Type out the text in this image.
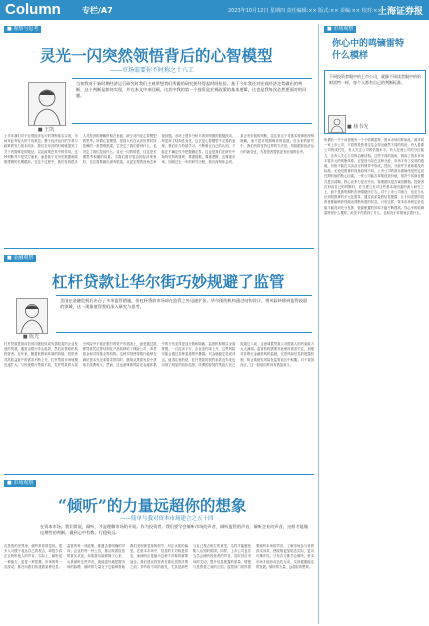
Column	专栏/A7	2023年10月12日 星期四 责任编辑:×× 版式:×× 美编:×× 校对:××
上海证券报
■ 观察与思考
灵光一闪突然领悟背后的心智模型
——市场需要你不时称之十八工
■ 王凯
当初我对于新时期经济运行研究时我们主观所想我们所做的研究要经得起时间检验。基于今年我还对宏观经济走势做出的判断，这个判断是如何实现，并在本文中来回顾。这其中我的第一个视角是宏观政策的基本逻辑，这也是我每次必然要面对的问题。
上半年我们对于宏观经济运行的判断基本实现，市场对此有较大的不同意见。整个经济运行的节奏与政策的发力基本同步，我们在年初的时候就提到了关于内需修复的路径，以及政策在其中的作用。这种判断并不是凭空而来，而是基于对历史数据和政策逻辑的长期跟踪。在这个过程中，我们发现很多人对经济的理解停留在表面，缺少对内在心智模型的思考。所谓心智模型，是指人们在认识世界时所依赖的一套思维框架，它决定了我们看到什么，也决定了我们忽视什么。灵光一闪的顿悟，往往是长期思考积累的结果。当我们面对复杂的经济现象时，往往需要跳出固有框架，从更宏观的视角去审视问题。市场上很多分析只看到短期的数据波动，却忽视了结构性变化，这正是心智模型不完善的表现。我们应当持续学习，不断修正自己的认知，才能在不确定性中把握确定性。这也是我们在研究中始终坚持的原则：尊重数据，尊重逻辑，也尊重市场。回顾过去一年的研究历程，我们深刻体会到，真正有价值的判断，往往来自于对基本规律的深刻理解，而不是对短期噪音的追逐。在未来的研究中，我们仍将坚持这样的方法论，持续跟踪经济运行的新变化，为投资者提供更有价值的参考。
■ 金融观察
杠杆贷款让华尔街巧妙规避了监管
■ 陈光
美国在金融危机后出台了多项监管措施，但杠杆贷款市场却在监管之外迅速扩张。华尔街的机构通过结构设计，将风险转移到监管较弱的领域，这一现象值得我们深入研究与思考。
杠杆贷款是指向信用评级较低或负债较高的企业发放的贷款，通常由银行牵头组织，然后出售给机构投资者。近年来，随着低利率环境的持续，投资者对高收益资产的需求不断上升，杠杆贷款市场规模迅速扩大。与传统银行贷款不同，杠杆贷款的大部分风险并不留在银行的资产负债表上，而是通过抵押贷款凭证等结构化产品转移给了保险公司、养老基金和共同基金等机构。这种安排使得银行能够在满足资本充足率要求的同时，继续从贷款发放中获取手续费收入。然而，这也意味着风险在金融体系中的分布变得更加分散和隐蔽，监管机构难以全面掌握。一旦经济下行，企业违约率上升，这些风险可能会通过各种渠道集中暴露，对金融稳定造成冲击。值得注意的是，杠杆贷款的契约条款近年来也出现了明显的放松趋势，所谓的轻契约贷款占比已经超过八成，这意味着贷款人对借款人的约束能力大大减弱。监管机构需要对此保持高度关注，加强对非银行金融机构的监测，完善风险信息的披露机制，防止系统性风险在监管盲区中积累。对于我国而言，这一经验同样具有借鉴意义。
■ 市场观察
“倾听”的力量远超你的想象
——简单与我对资本市场建言之五十四
在资本市场，我们常说，倾听，才是理解市场的开始。作为投资者，我们要学会倾听市场的声音，倾听监管的声音，倾听企业的声音，这样才能做出理性的判断，做到心中有数，行稳致远。
在投资的世界里，倾听常常被忽视。很多人习惯于表达自己的观点，却很少真正去聆听他人的声音。实际上，倾听是一种能力，更是一种智慧。市场的每一次波动，都在向我们传递着某种信息；监管的每一项政策，都蕴含着明确的导向；企业的每一份公告，都反映着经营的真实状况。如果我们能够静下心来，认真倾听这些声音，就能更好地把握市场的脉搏。倾听的力量在于它能够帮助我们发现被忽视的细节，纠正认知的偏差。在资本市场中，信息的不对称是常态，而倾听正是缩小这种不对称的重要途径。我们建议投资者在做出投资决策之前，多听取不同的意见，尤其是那些与自己观点相左的意见，这样才能避免陷入认知的陷阱。同样，上市公司也应当学会倾听投资者的声音，及时回应市场的关切，提升信息披露的质量，增强与投资者之间的互信。监管部门同样需要倾听市场的声音，了解市场参与者的真实诉求，使政策更加贴近实际，更具可操作性。只有各方都学会倾听，资本市场才能形成良性互动，实现健康稳定的发展。倾听的力量，远超你的想象。
■ 市场观察
你心中的鸣镝雷特
什么模样
不同投资者眼中的上市公司，就像不同读者眼中的哈姆雷特一样，每个人都有自己的判断标准。
■ 杨书光
所谓有一千个读者就有一千个哈姆雷特，资本市场同样如此。面对同一家上市公司，不同的投资者往往会得出截然不同的结论。有人看重公司的成长性，有人关注公司的估值水平，有人在意公司的分红能力，还有人关心公司的治理结构。这些不同的视角，构成了资本市场丰富多元的判断体系。正是因为存在这种分歧，市场才有了交易的基础，价格才能在买卖双方的博弈中形成。然而，分歧并不意味着没有标准。无论投资者的视角如何不同，上市公司的基本面始终是决定其长期价值的核心因素。一家公司能否持续创造价值，取决于其商业模式是否清晰、核心竞争力是否突出、管理团队是否诚信勤勉。投资者在形成自己的判断时，应当建立在对这些基本面因素的深入研究之上，而不是被短期的市场情绪所左右。对于上市公司而言，也应当认识到投资者的多元化需求，通过高质量的信息披露，让不同类型的投资者都能够获得做出判断所需的信息。只有这样，资本市场的定价功能才能得到充分发挥，资源配置的效率才能不断提高。你心中的哈姆雷特是什么模样，取决于你看到了什么，也取决于你愿意去看什么。
